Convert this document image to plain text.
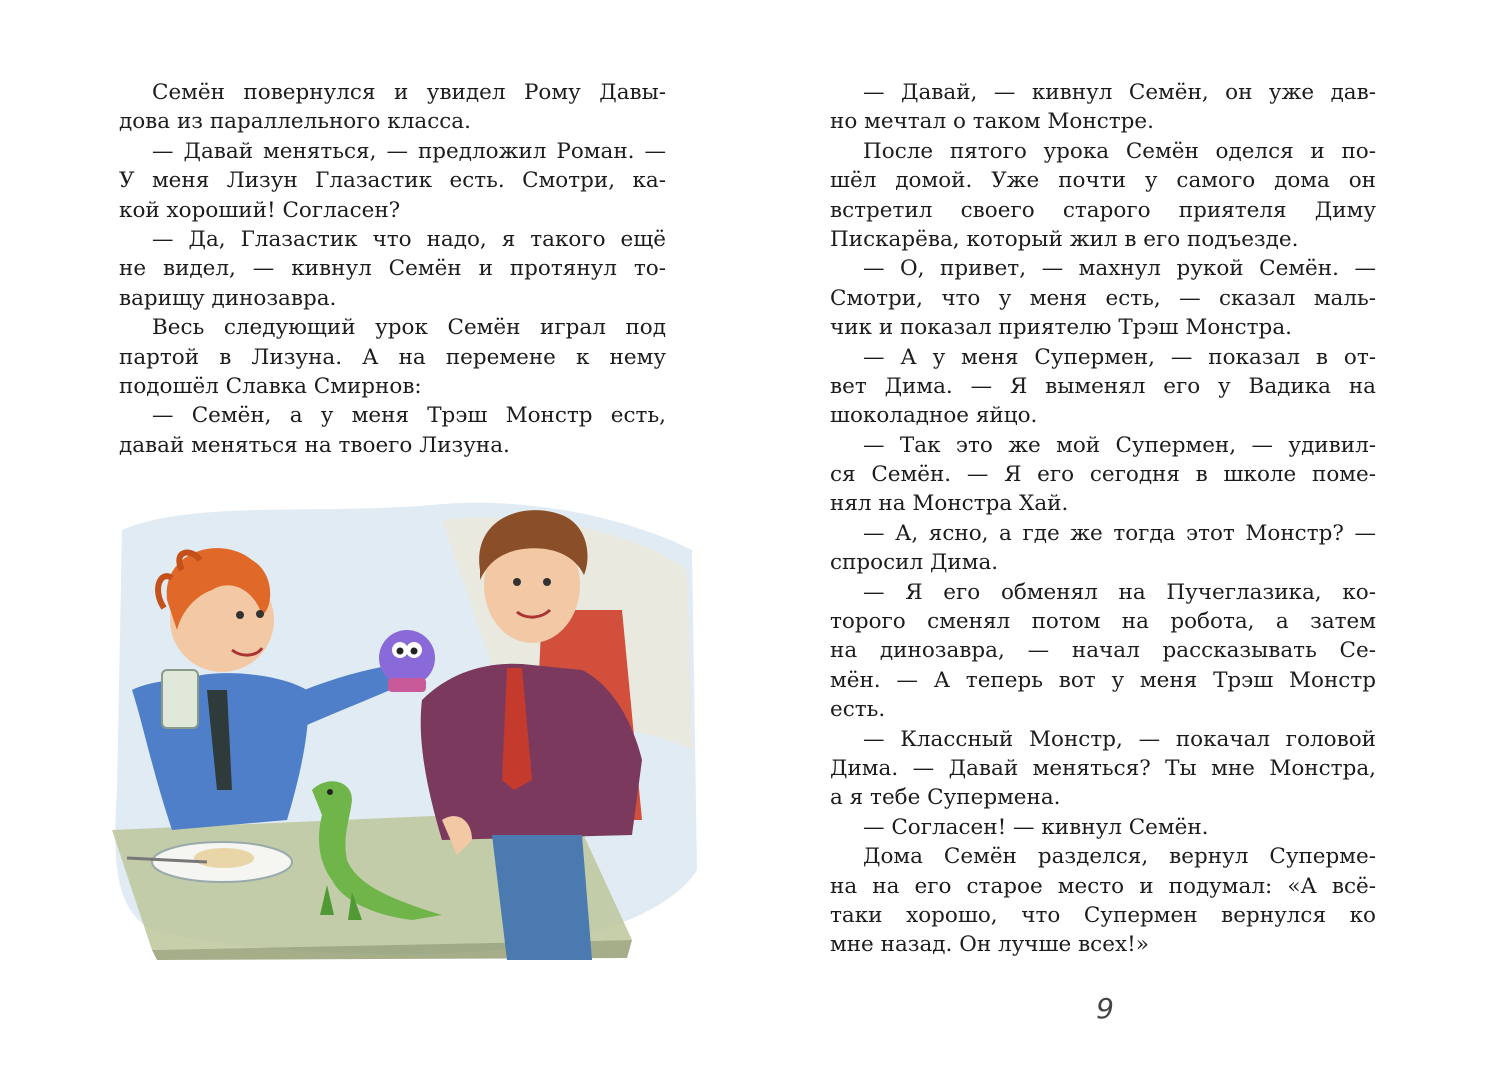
Семён повернулся и увидел Рому Давы-
дова из параллельного класса.
— Давай меняться, — предложил Роман. —
У меня Лизун Глазастик есть. Смотри, ка-
кой хороший! Согласен?
— Да, Глазастик что надо, я такого ещё
не видел, — кивнул Семён и протянул то-
варищу динозавра.
Весь следующий урок Семён играл под
партой в Лизуна. А на перемене к нему
подошёл Славка Смирнов:
— Семён, а у меня Трэш Монстр есть,
давай меняться на твоего Лизуна.
— Давай, — кивнул Семён, он уже дав-
но мечтал о таком Монстре.
После пятого урока Семён оделся и по-
шёл домой. Уже почти у самого дома он
встретил своего старого приятеля Диму
Пискарёва, который жил в его подъезде.
— О, привет, — махнул рукой Семён. —
Смотри, что у меня есть, — сказал маль-
чик и показал приятелю Трэш Монстра.
— А у меня Супермен, — показал в от-
вет Дима. — Я выменял его у Вадика на
шоколадное яйцо.
— Так это же мой Супермен, — удивил-
ся Семён. — Я его сегодня в школе поме-
нял на Монстра Хай.
— А, ясно, а где же тогда этот Монстр? —
спросил Дима.
— Я его обменял на Пучеглазика, ко-
торого сменял потом на робота, а затем
на динозавра, — начал рассказывать Се-
мён. — А теперь вот у меня Трэш Монстр
есть.
— Классный Монстр, — покачал головой
Дима. — Давай меняться? Ты мне Монстра,
а я тебе Супермена.
— Согласен! — кивнул Семён.
Дома Семён разделся, вернул Суперме-
на на его старое место и подумал: «А всё-
таки хорошо, что Супермен вернулся ко
мне назад. Он лучше всех!»
9
